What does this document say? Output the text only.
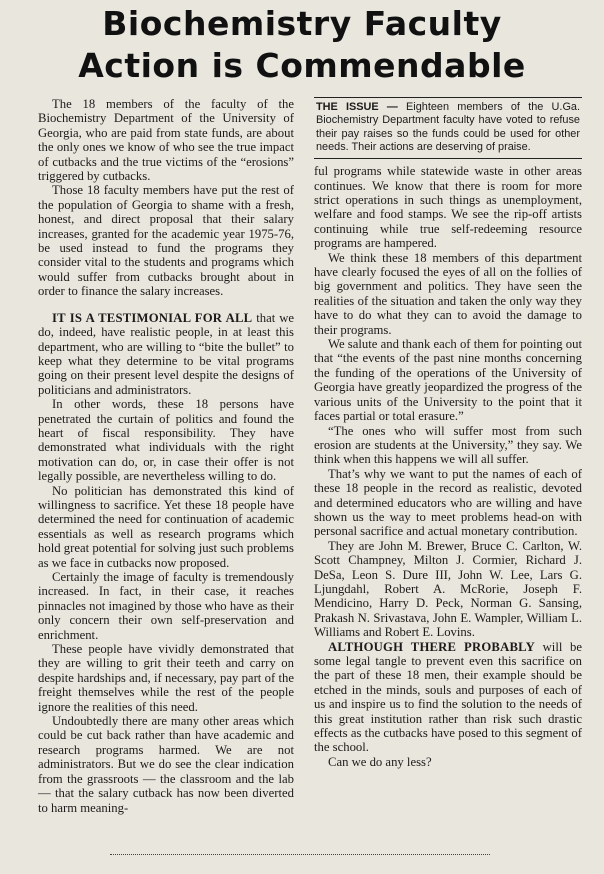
Biochemistry Faculty
Action is Commendable

The 18 members of the faculty of the Biochemistry Department of the University of Georgia, who are paid from state funds, are about the only ones we know of who see the true impact of cutbacks and the true victims of the “erosions” triggered by cutbacks.

Those 18 faculty members have put the rest of the population of Georgia to shame with a fresh, honest, and direct proposal that their salary increases, granted for the academic year 1975-76, be used instead to fund the programs they consider vital to the students and programs which would suffer from cutbacks brought about in order to finance the salary increases.

IT IS A TESTIMONIAL FOR ALL that we do, indeed, have realistic people, in at least this department, who are willing to “bite the bullet” to keep what they determine to be vital programs going on their present level despite the designs of politicians and administrators.

In other words, these 18 persons have penetrated the curtain of politics and found the heart of fiscal responsibility. They have demonstrated what individuals with the right motivation can do, or, in case their offer is not legally possible, are nevertheless willing to do.

No politician has demonstrated this kind of willingness to sacrifice. Yet these 18 people have determined the need for continuation of academic essentials as well as research programs which hold great potential for solving just such problems as we face in cutbacks now proposed.

Certainly the image of faculty is tremendously increased. In fact, in their case, it reaches pinnacles not imagined by those who have as their only concern their own self-preservation and enrichment.

These people have vividly demonstrated that they are willing to grit their teeth and carry on despite hardships and, if necessary, pay part of the freight themselves while the rest of the people ignore the realities of this need.

Undoubtedly there are many other areas which could be cut back rather than have academic and research programs harmed. We are not administrators. But we do see the clear indication from the grassroots — the classroom and the lab — that the salary cutback has now been diverted to harm meaning-

THE ISSUE — Eighteen members of the U.Ga. Biochemistry Department faculty have voted to refuse their pay raises so the funds could be used for other needs. Their actions are deserving of praise.

ful programs while statewide waste in other areas continues. We know that there is room for more strict operations in such things as unemployment, welfare and food stamps. We see the rip-off artists continuing while true self-redeeming resource programs are hampered.

We think these 18 members of this department have clearly focused the eyes of all on the follies of big government and politics. They have seen the realities of the situation and taken the only way they have to do what they can to avoid the damage to their programs.

We salute and thank each of them for pointing out that “the events of the past nine months concerning the funding of the operations of the University of Georgia have greatly jeopardized the progress of the various units of the University to the point that it faces partial or total erasure.”

“The ones who will suffer most from such erosion are students at the University,” they say. We think when this happens we will all suffer.

That’s why we want to put the names of each of these 18 people in the record as realistic, devoted and determined educators who are willing and have shown us the way to meet problems head-on with personal sacrifice and actual monetary contribution.

They are John M. Brewer, Bruce C. Carlton, W. Scott Champney, Milton J. Cormier, Richard J. DeSa, Leon S. Dure III, John W. Lee, Lars G. Ljungdahl, Robert A. McRorie, Joseph F. Mendicino, Harry D. Peck, Norman G. Sansing, Prakash N. Srivastava, John E. Wampler, William L. Williams and Robert E. Lovins.

ALTHOUGH THERE PROBABLY will be some legal tangle to prevent even this sacrifice on the part of these 18 men, their example should be etched in the minds, souls and purposes of each of us and inspire us to find the solution to the needs of this great institution rather than risk such drastic effects as the cutbacks have posed to this segment of the school.

Can we do any less?
